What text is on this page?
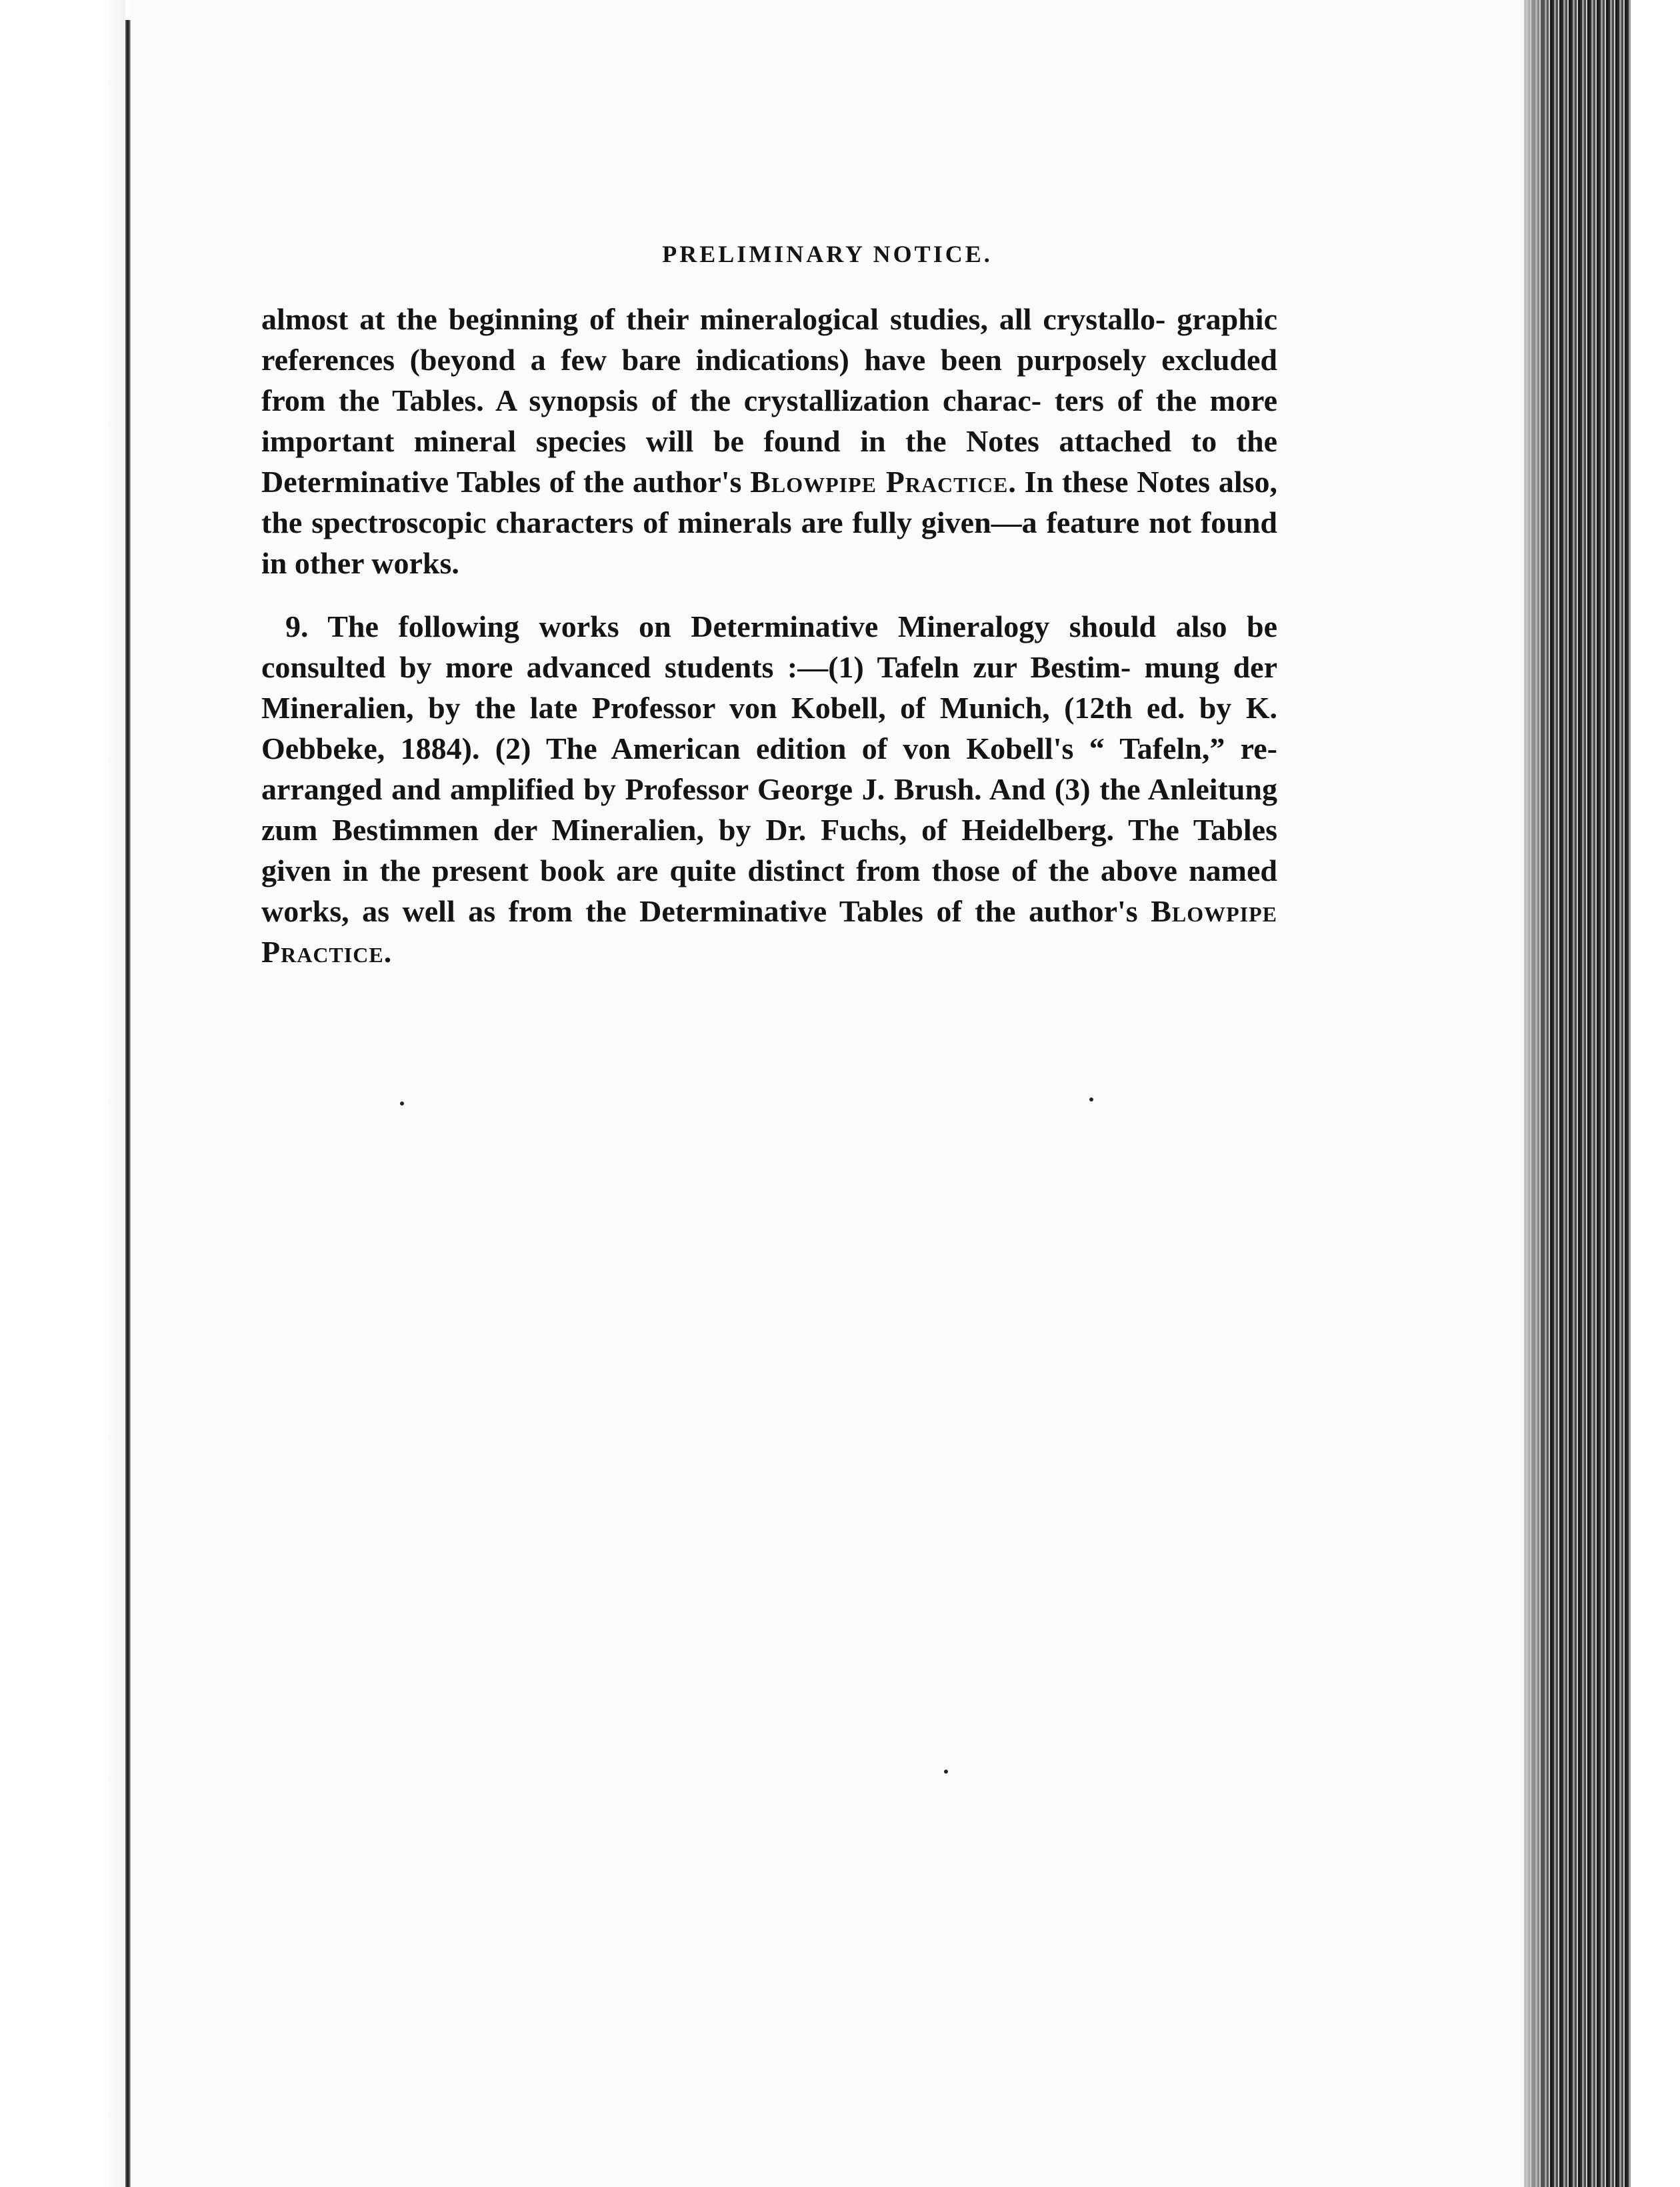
PRELIMINARY NOTICE.

almost at the beginning of their mineralogical studies, all crystallo- graphic references (beyond a few bare indications) have been purposely excluded from the Tables. A synopsis of the crystallization charac- ters of the more important mineral species will be found in the Notes attached to the Determinative Tables of the author's Blowpipe Practice. In these Notes also, the spectroscopic characters of minerals are fully given—a feature not found in other works.

9. The following works on Determinative Mineralogy should also be consulted by more advanced students :—(1) Tafeln zur Bestim- mung der Mineralien, by the late Professor von Kobell, of Munich, (12th ed. by K. Oebbeke, 1884). (2) The American edition of von Kobell's “ Tafeln,” re-arranged and amplified by Professor George J. Brush. And (3) the Anleitung zum Bestimmen der Mineralien, by Dr. Fuchs, of Heidelberg. The Tables given in the present book are quite distinct from those of the above named works, as well as from the Determinative Tables of the author's Blowpipe Practice.
